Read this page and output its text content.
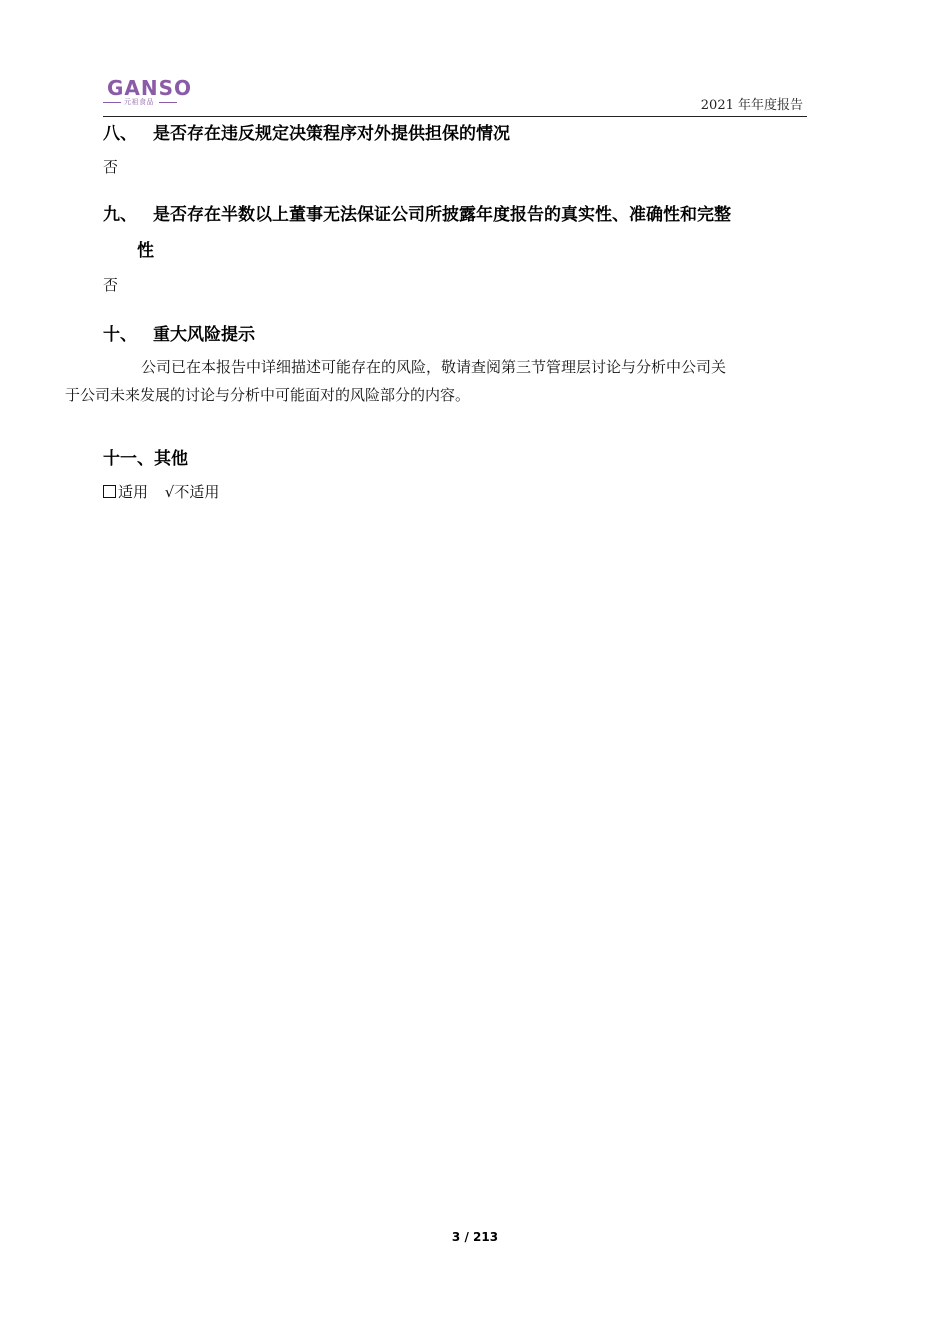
GANSO
元祖食品	2021 年年度报告
八、 是否存在违反规定决策程序对外提供担保的情况
否
九、 是否存在半数以上董事无法保证公司所披露年度报告的真实性、准确性和完整
性
否
十、 重大风险提示
公司已在本报告中详细描述可能存在的风险，敬请查阅第三节管理层讨论与分析中公司关
于公司未来发展的讨论与分析中可能面对的风险部分的内容。
十一、其他
适用 √不适用
3 / 213
